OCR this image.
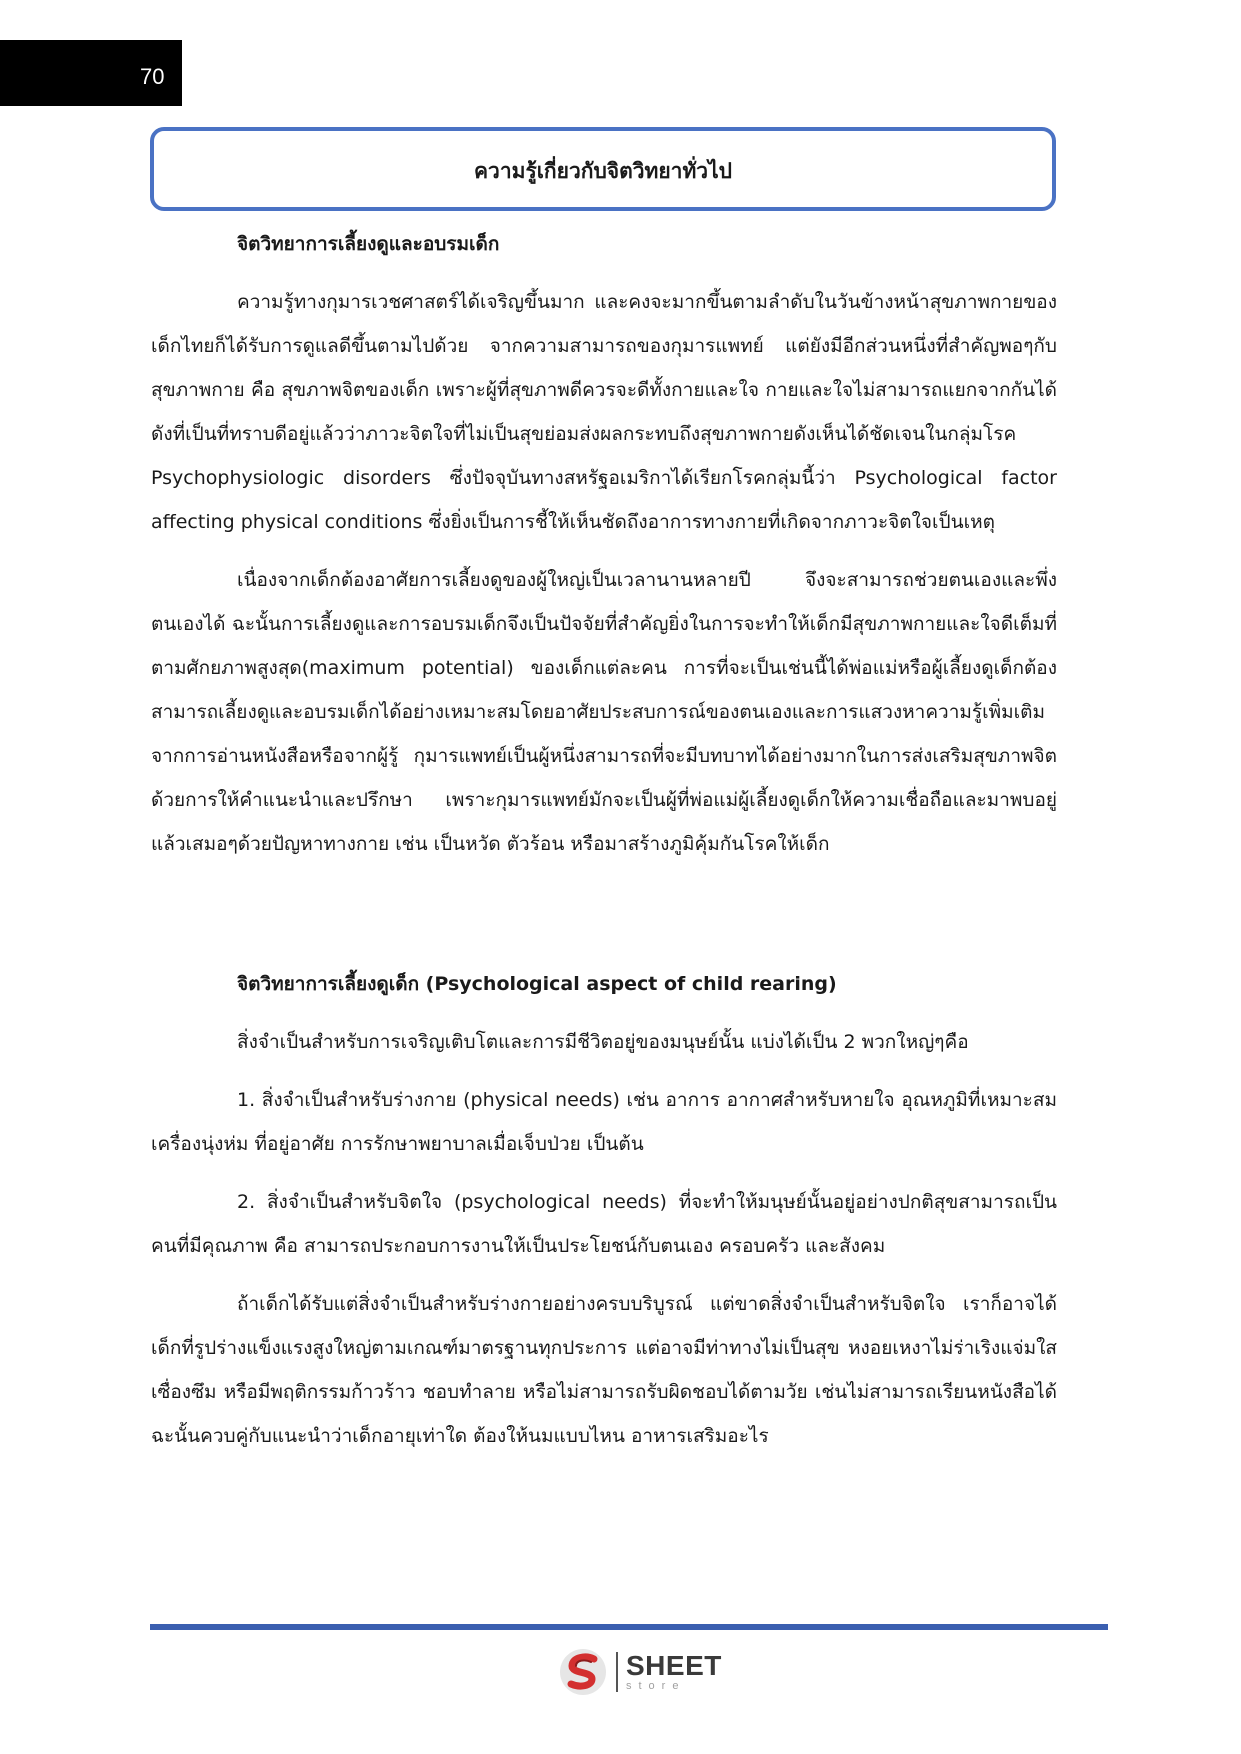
70
ความรู้เกี่ยวกับจิตวิทยาทั่วไป

จิตวิทยาการเลี้ยงดูและอบรมเด็ก

ความรู้ทางกุมารเวชศาสตร์ได้เจริญขึ้นมาก และคงจะมากขึ้นตามลำดับในวันข้างหน้าสุขภาพกายของเด็กไทยก็ได้รับการดูแลดีขึ้นตามไปด้วย จากความสามารถของกุมารแพทย์ แต่ยังมีอีกส่วนหนึ่งที่สำคัญพอๆกับสุขภาพกาย คือ สุขภาพจิตของเด็ก เพราะผู้ที่สุขภาพดีควรจะดีทั้งกายและใจ กายและใจไม่สามารถแยกจากกันได้ดังที่เป็นที่ทราบดีอยู่แล้วว่าภาวะจิตใจที่ไม่เป็นสุขย่อมส่งผลกระทบถึงสุขภาพกายดังเห็นได้ชัดเจนในกลุ่มโรค Psychophysiologic disorders ซึ่งปัจจุบันทางสหรัฐอเมริกาได้เรียกโรคกลุ่มนี้ว่า Psychological factor affecting physical conditions ซึ่งยิ่งเป็นการชี้ให้เห็นชัดถึงอาการทางกายที่เกิดจากภาวะจิตใจเป็นเหตุ

เนื่องจากเด็กต้องอาศัยการเลี้ยงดูของผู้ใหญ่เป็นเวลานานหลายปี จึงจะสามารถช่วยตนเองและพึ่งตนเองได้ ฉะนั้นการเลี้ยงดูและการอบรมเด็กจึงเป็นปัจจัยที่สำคัญยิ่งในการจะทำให้เด็กมีสุขภาพกายและใจดีเต็มที่ตามศักยภาพสูงสุด(maximum potential) ของเด็กแต่ละคน การที่จะเป็นเช่นนี้ได้พ่อแม่หรือผู้เลี้ยงดูเด็กต้องสามารถเลี้ยงดูและอบรมเด็กได้อย่างเหมาะสมโดยอาศัยประสบการณ์ของตนเองและการแสวงหาความรู้เพิ่มเติมจากการอ่านหนังสือหรือจากผู้รู้ กุมารแพทย์เป็นผู้หนึ่งสามารถที่จะมีบทบาทได้อย่างมากในการส่งเสริมสุขภาพจิตด้วยการให้คำแนะนำและปรึกษา เพราะกุมารแพทย์มักจะเป็นผู้ที่พ่อแม่ผู้เลี้ยงดูเด็กให้ความเชื่อถือและมาพบอยู่แล้วเสมอๆด้วยปัญหาทางกาย เช่น เป็นหวัด ตัวร้อน หรือมาสร้างภูมิคุ้มกันโรคให้เด็ก

จิตวิทยาการเลี้ยงดูเด็ก (Psychological aspect of child rearing)

สิ่งจำเป็นสำหรับการเจริญเติบโตและการมีชีวิตอยู่ของมนุษย์นั้น แบ่งได้เป็น 2 พวกใหญ่ๆคือ

1. สิ่งจำเป็นสำหรับร่างกาย (physical needs) เช่น อาการ อากาศสำหรับหายใจ อุณหภูมิที่เหมาะสมเครื่องนุ่งห่ม ที่อยู่อาศัย การรักษาพยาบาลเมื่อเจ็บป่วย เป็นต้น

2. สิ่งจำเป็นสำหรับจิตใจ (psychological needs) ที่จะทำให้มนุษย์นั้นอยู่อย่างปกติสุขสามารถเป็นคนที่มีคุณภาพ คือ สามารถประกอบการงานให้เป็นประโยชน์กับตนเอง ครอบครัว และสังคม

ถ้าเด็กได้รับแต่สิ่งจำเป็นสำหรับร่างกายอย่างครบบริบูรณ์ แต่ขาดสิ่งจำเป็นสำหรับจิตใจ เราก็อาจได้เด็กที่รูปร่างแข็งแรงสูงใหญ่ตามเกณฑ์มาตรฐานทุกประการ แต่อาจมีท่าทางไม่เป็นสุข หงอยเหงาไม่ร่าเริงแจ่มใส เซื่องซึม หรือมีพฤติกรรมก้าวร้าว ชอบทำลาย หรือไม่สามารถรับผิดชอบได้ตามวัย เช่นไม่สามารถเรียนหนังสือได้ ฉะนั้นควบคู่กับแนะนำว่าเด็กอายุเท่าใด ต้องให้นมแบบไหน อาหารเสริมอะไร

SHEET
store
